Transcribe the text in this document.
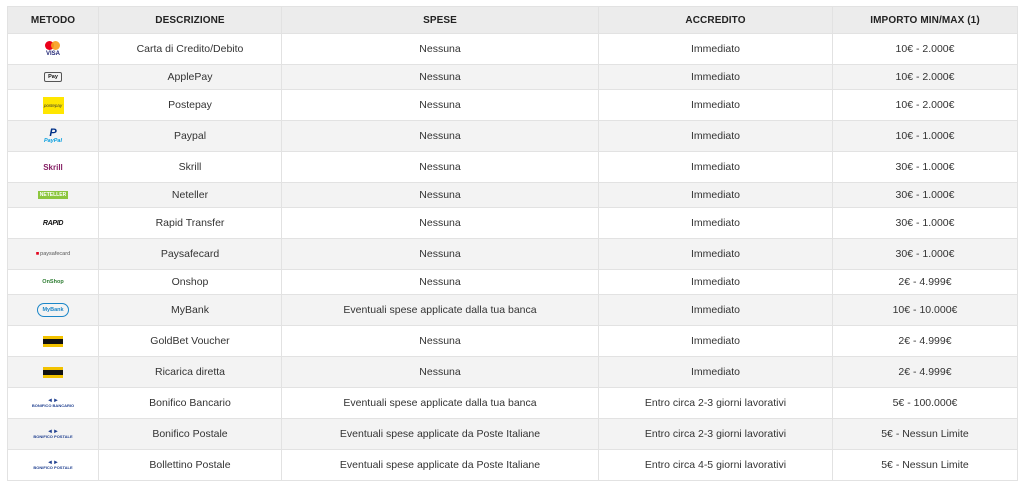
METODO	DESCRIZIONE	SPESE	ACCREDITO	IMPORTO MIN/MAX (1)

VISA	Carta di Credito/Debito	Nessuna	Immediato	10€ - 2.000€

Pay	ApplePay	Nessuna	Immediato	10€ - 2.000€

postepay	Postepay	Nessuna	Immediato	10€ - 2.000€

P
PayPal	Paypal	Nessuna	Immediato	10€ - 1.000€

Skrill	Skrill	Nessuna	Immediato	30€ - 1.000€

NETELLER	Neteller	Nessuna	Immediato	30€ - 1.000€

RAPID	Rapid Transfer	Nessuna	Immediato	30€ - 1.000€

■ paysafecard	Paysafecard	Nessuna	Immediato	30€ - 1.000€

OnShop	Onshop	Nessuna	Immediato	2€ - 4.999€

MyBank	MyBank	Eventuali spese applicate dalla tua banca	Immediato	10€ - 10.000€
	GoldBet Voucher	Nessuna	Immediato	2€ - 4.999€
	Ricarica diretta	Nessuna	Immediato	2€ - 4.999€

◄►
BONIFICO BANCARIO	Bonifico Bancario	Eventuali spese applicate dalla tua banca	Entro circa 2-3 giorni lavorativi	5€ - 100.000€

◄►
BONIFICO POSTALE	Bonifico Postale	Eventuali spese applicate da Poste Italiane	Entro circa 2-3 giorni lavorativi	5€ - Nessun Limite

◄►
BONIFICO POSTALE	Bollettino Postale	Eventuali spese applicate da Poste Italiane	Entro circa 4-5 giorni lavorativi	5€ - Nessun Limite
